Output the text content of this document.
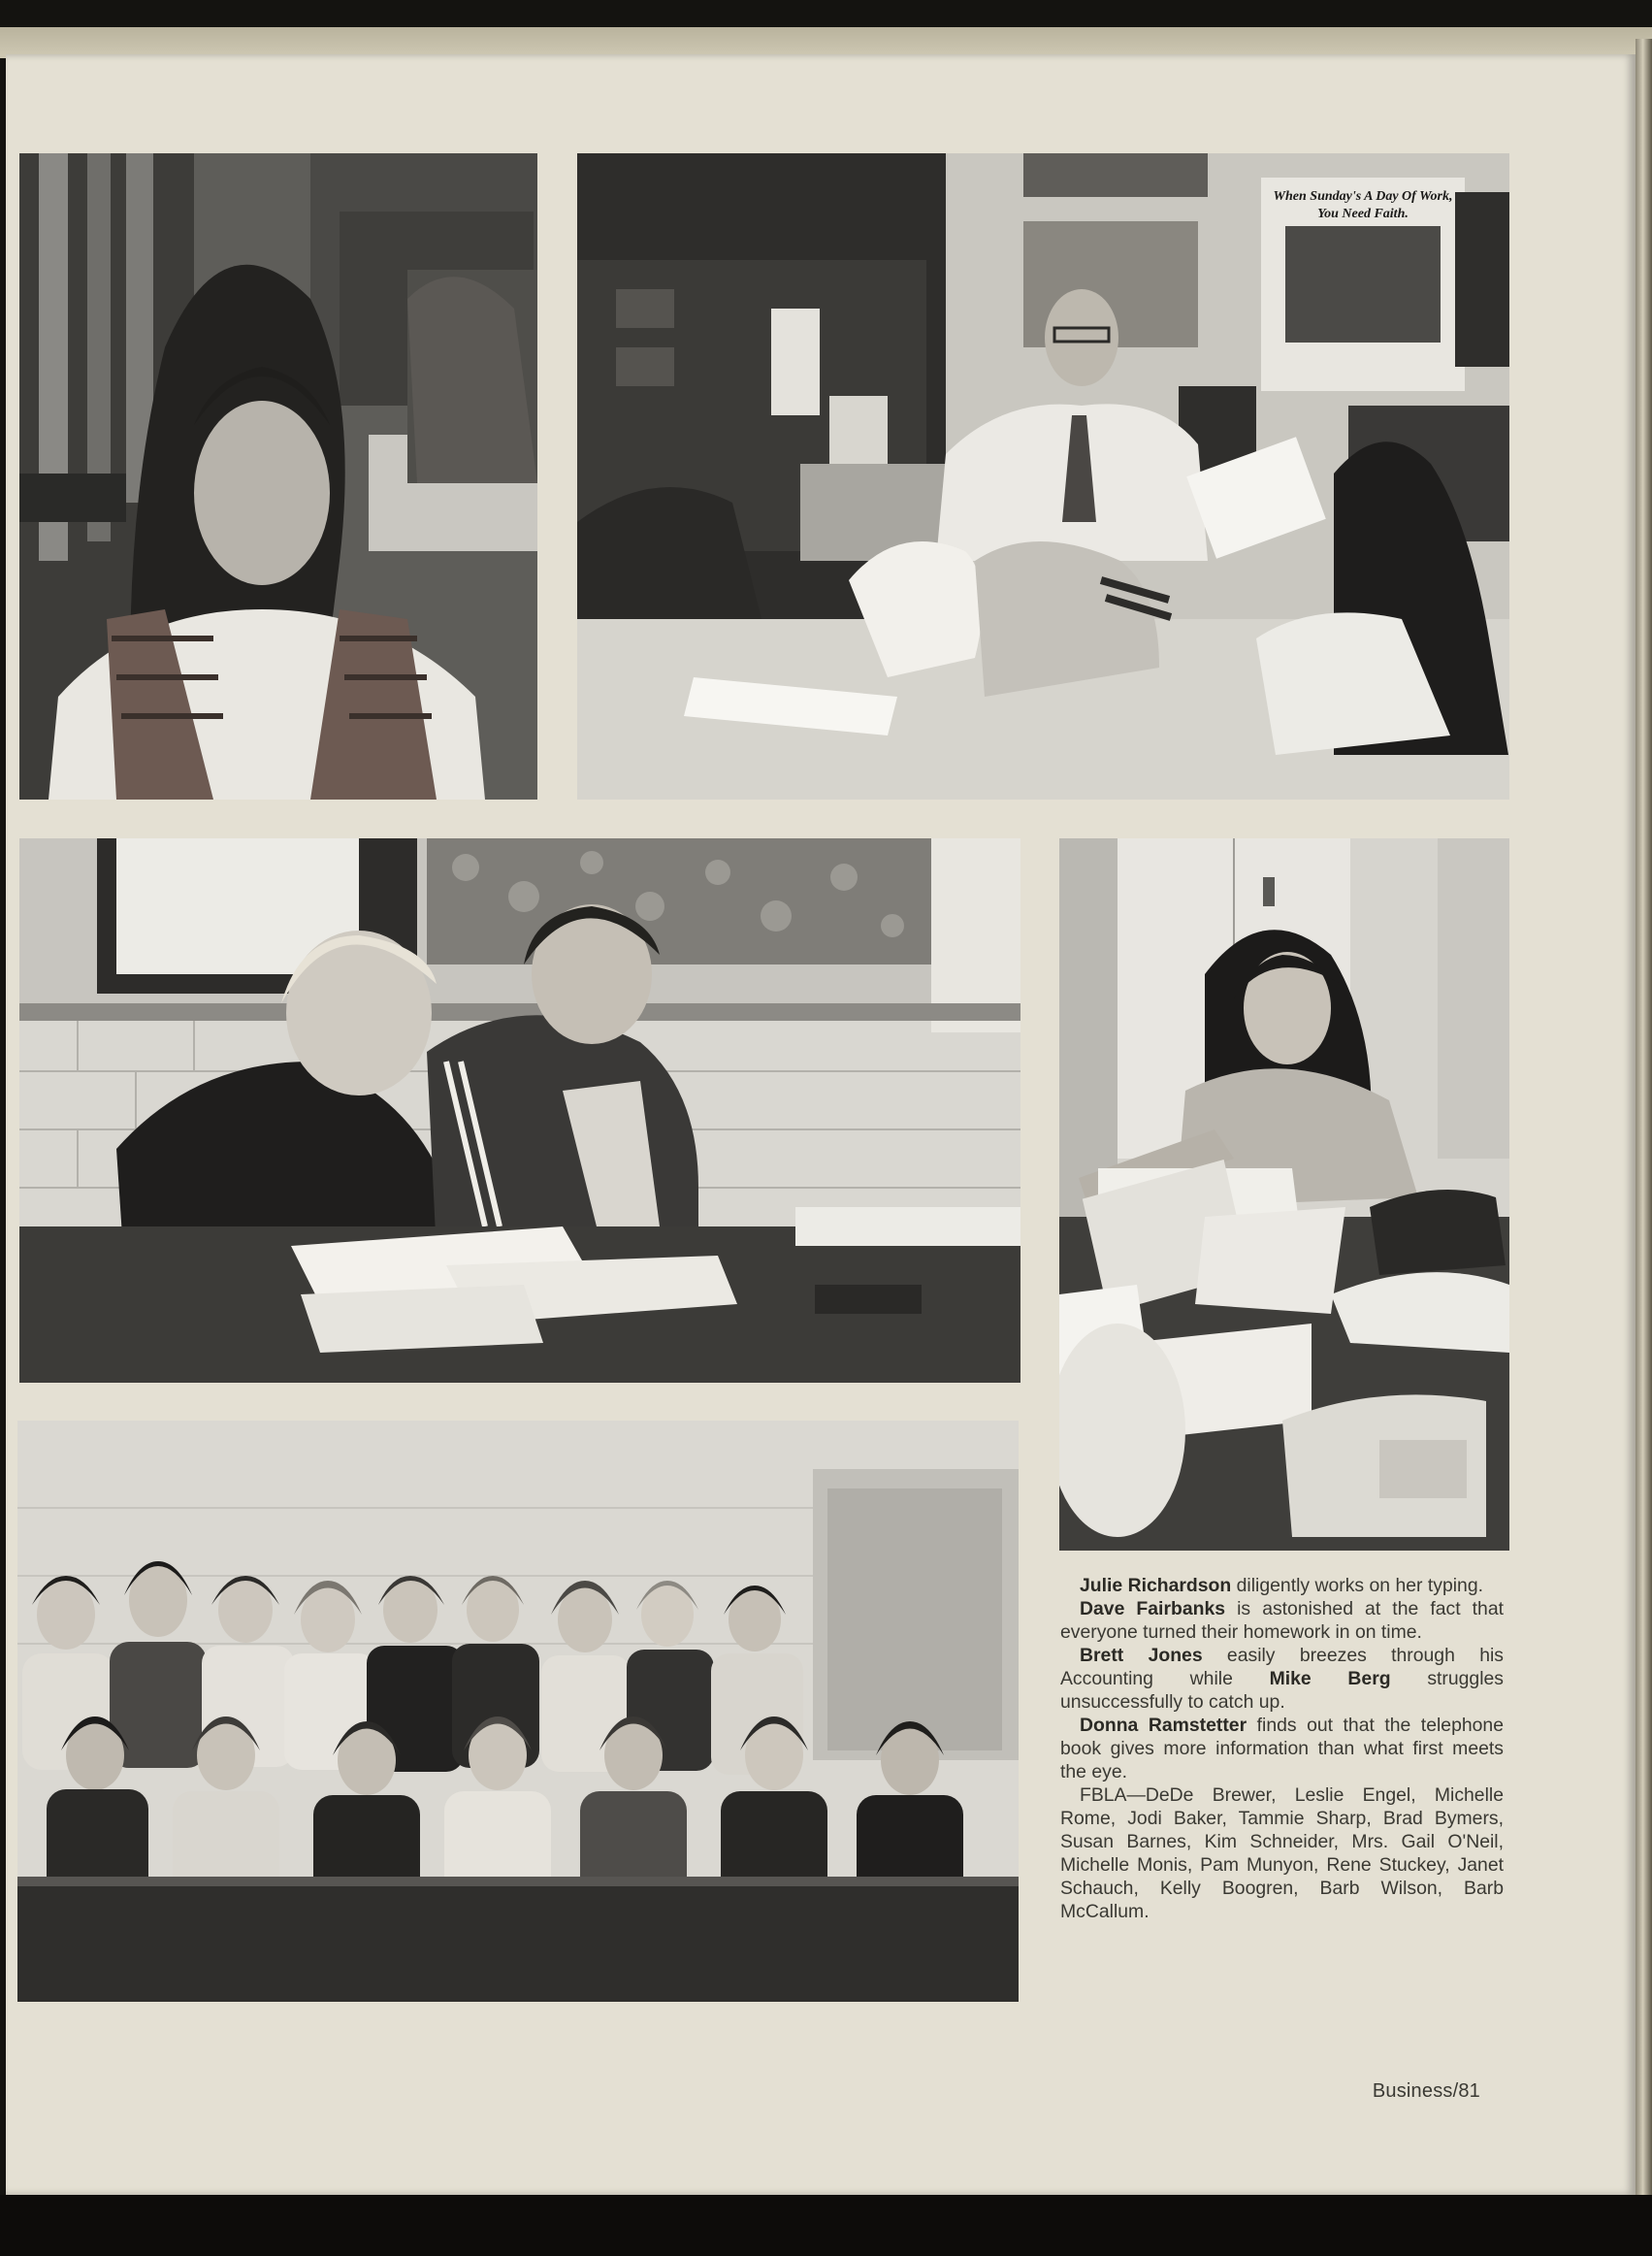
When Sunday's A Day Of Work,
You Need Faith.

Julie Richardson diligently works on her typing.

Dave Fairbanks is astonished at the fact that everyone turned their homework in on time.

Brett Jones easily breezes through his Accounting while Mike Berg struggles unsuccessfully to catch up.

Donna Ramstetter finds out that the telephone book gives more information than what first meets the eye.

FBLA—DeDe Brewer, Leslie Engel, Michelle Rome, Jodi Baker, Tammie Sharp, Brad Bymers, Susan Barnes, Kim Schneider, Mrs. Gail O'Neil, Michelle Monis, Pam Munyon, Rene Stuckey, Janet Schauch, Kelly Boogren, Barb Wilson, Barb McCallum.

Business/81
